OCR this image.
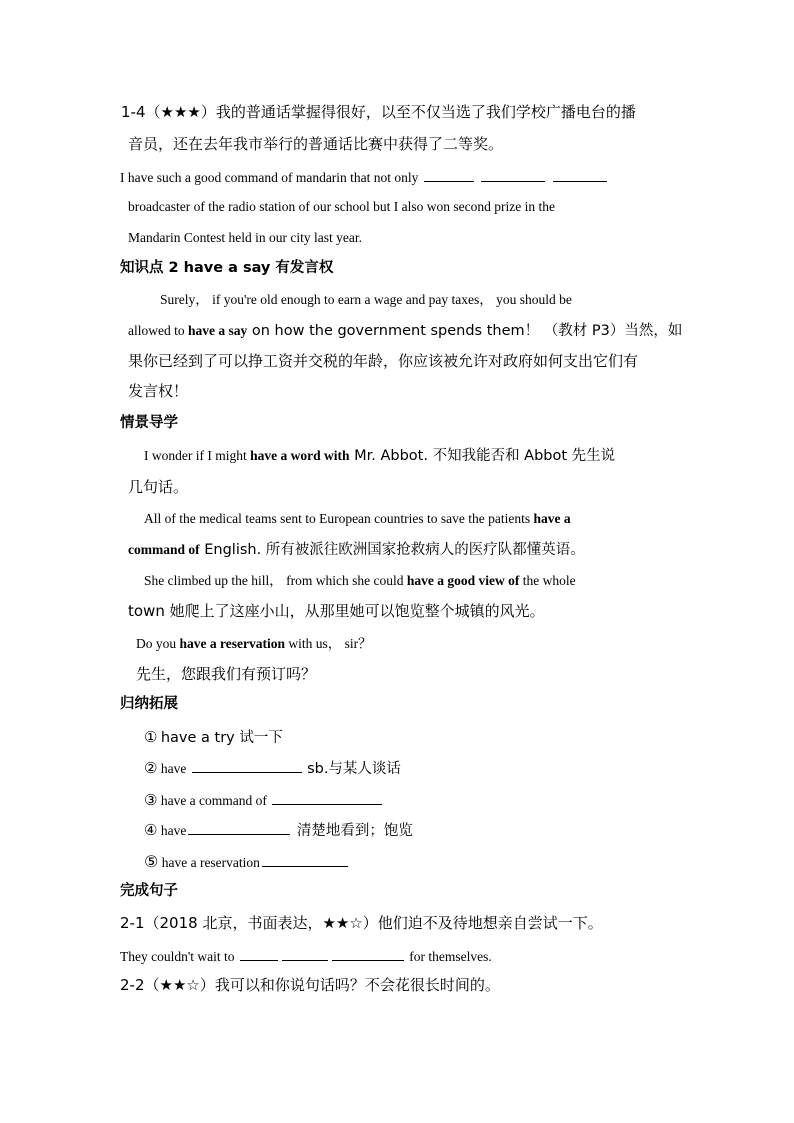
1-4（★★★）我的普通话掌握得很好，以至不仅当选了我们学校广播电台的播
音员，还在去年我市举行的普通话比赛中获得了二等奖。
I have such a good command of mandarin that not only
broadcaster of the radio station of our school but I also won second prize in the
Mandarin Contest held in our city last year.
知识点 2 have a say 有发言权
Surely， if you're old enough to earn a wage and pay taxes， you should be
allowed to have a say on how the government spends them！ （教材 P3）当然，如
果你已经到了可以挣工资并交税的年龄，你应该被允许对政府如何支出它们有
发言权！
情景导学
I wonder if I might have a word with Mr. Abbot. 不知我能否和 Abbot 先生说
几句话。
All of the medical teams sent to European countries to save the patients have a
command of English. 所有被派往欧洲国家抢救病人的医疗队都懂英语。
She climbed up the hill， from which she could have a good view of the whole
town 她爬上了这座小山，从那里她可以饱览整个城镇的风光。
Do you have a reservation with us， sir？
先生，您跟我们有预订吗？
归纳拓展
① have a try 试一下
② have	sb.与某人谈话
③ have a command of
④ have	清楚地看到；饱览
⑤ have a reservation
完成句子
2-1（2018 北京，书面表达，★★☆）他们迫不及待地想亲自尝试一下。
They couldn't wait to	for themselves.
2-2（★★☆）我可以和你说句话吗？不会花很长时间的。
